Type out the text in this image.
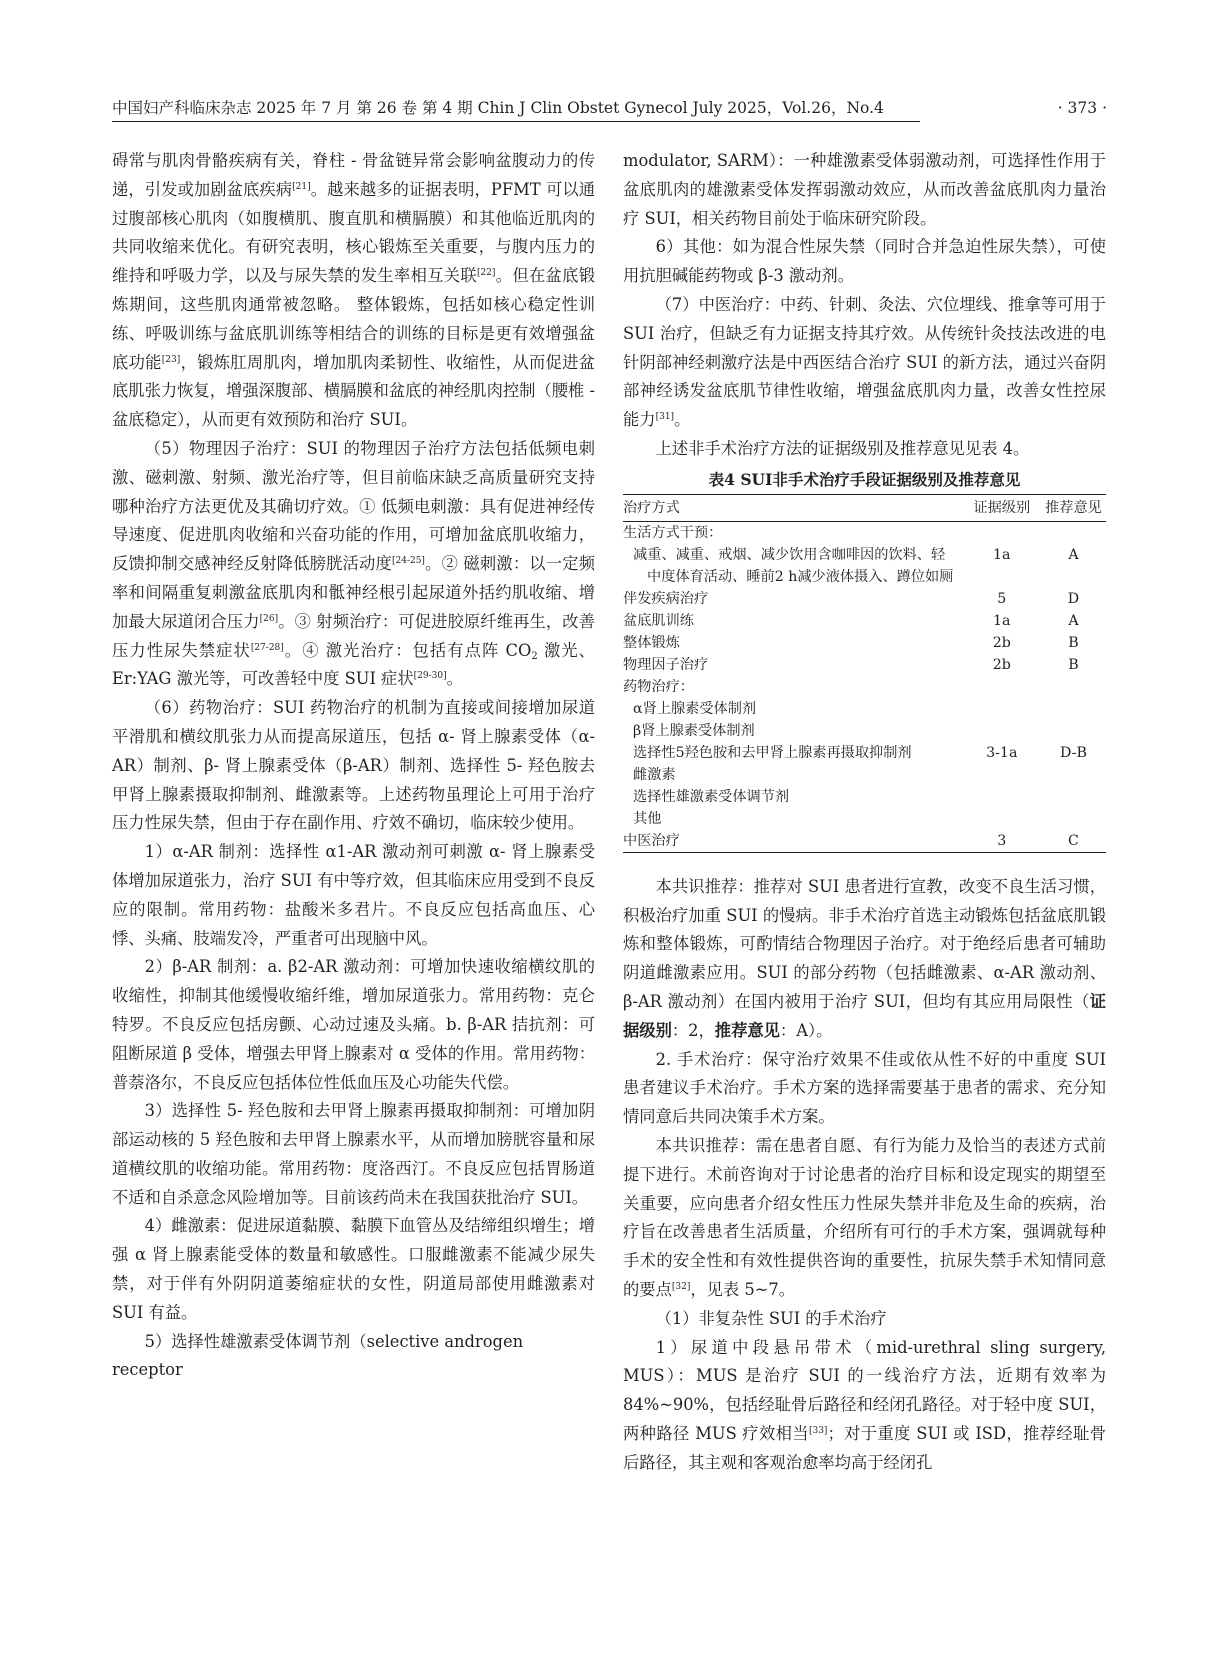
中国妇产科临床杂志 2025 年 7 月 第 26 卷 第 4 期 Chin J Clin Obstet Gynecol July 2025，Vol.26，No.4	· 373 ·

碍常与肌肉骨骼疾病有关，脊柱 - 骨盆链异常会影响盆腹动力的传递，引发或加剧盆底疾病[21]。越来越多的证据表明，PFMT 可以通过腹部核心肌肉（如腹横肌、腹直肌和横膈膜）和其他临近肌肉的共同收缩来优化。有研究表明，核心锻炼至关重要，与腹内压力的维持和呼吸力学，以及与尿失禁的发生率相互关联[22]。但在盆底锻炼期间，这些肌肉通常被忽略。 整体锻炼，包括如核心稳定性训练、呼吸训练与盆底肌训练等相结合的训练的目标是更有效增强盆底功能[23]，锻炼肛周肌肉，增加肌肉柔韧性、收缩性，从而促进盆底肌张力恢复，增强深腹部、横膈膜和盆底的神经肌肉控制（腰椎 - 盆底稳定），从而更有效预防和治疗 SUI。

（5）物理因子治疗：SUI 的物理因子治疗方法包括低频电刺激、磁刺激、射频、激光治疗等，但目前临床缺乏高质量研究支持哪种治疗方法更优及其确切疗效。① 低频电刺激：具有促进神经传导速度、促进肌肉收缩和兴奋功能的作用，可增加盆底肌收缩力，反馈抑制交感神经反射降低膀胱活动度[24-25]。② 磁刺激：以一定频率和间隔重复刺激盆底肌肉和骶神经根引起尿道外括约肌收缩、增加最大尿道闭合压力[26]。③ 射频治疗：可促进胶原纤维再生，改善压力性尿失禁症状[27-28]。④ 激光治疗：包括有点阵 $CO_2$ 激光、Er:YAG 激光等，可改善轻中度 SUI 症状[29-30]。

（6）药物治疗：SUI 药物治疗的机制为直接或间接增加尿道平滑肌和横纹肌张力从而提高尿道压，包括 α- 肾上腺素受体（α-AR）制剂、β- 肾上腺素受体（β-AR）制剂、选择性 5- 羟色胺去甲肾上腺素摄取抑制剂、雌激素等。上述药物虽理论上可用于治疗压力性尿失禁，但由于存在副作用、疗效不确切，临床较少使用。

1）α-AR 制剂：选择性 α1-AR 激动剂可刺激 α- 肾上腺素受体增加尿道张力，治疗 SUI 有中等疗效，但其临床应用受到不良反应的限制。常用药物：盐酸米多君片。不良反应包括高血压、心悸、头痛、肢端发冷，严重者可出现脑中风。

2）β-AR 制剂：a. β2-AR 激动剂：可增加快速收缩横纹肌的收缩性，抑制其他缓慢收缩纤维，增加尿道张力。常用药物：克仑特罗。不良反应包括房颤、心动过速及头痛。b. β-AR 拮抗剂：可阻断尿道 β 受体，增强去甲肾上腺素对 α 受体的作用。常用药物：普萘洛尔，不良反应包括体位性低血压及心功能失代偿。

3）选择性 5- 羟色胺和去甲肾上腺素再摄取抑制剂：可增加阴部运动核的 5 羟色胺和去甲肾上腺素水平，从而增加膀胱容量和尿道横纹肌的收缩功能。常用药物：度洛西汀。不良反应包括胃肠道不适和自杀意念风险增加等。目前该药尚未在我国获批治疗 SUI。

4）雌激素：促进尿道黏膜、黏膜下血管丛及结缔组织增生；增强 α 肾上腺素能受体的数量和敏感性。口服雌激素不能减少尿失禁，对于伴有外阴阴道萎缩症状的女性，阴道局部使用雌激素对 SUI 有益。

5）选择性雄激素受体调节剂（selective androgen receptor

modulator, SARM）：一种雄激素受体弱激动剂，可选择性作用于盆底肌肉的雄激素受体发挥弱激动效应，从而改善盆底肌肉力量治疗 SUI，相关药物目前处于临床研究阶段。

6）其他：如为混合性尿失禁（同时合并急迫性尿失禁），可使用抗胆碱能药物或 β-3 激动剂。

（7）中医治疗：中药、针刺、灸法、穴位埋线、推拿等可用于 SUI 治疗，但缺乏有力证据支持其疗效。从传统针灸技法改进的电针阴部神经刺激疗法是中西医结合治疗 SUI 的新方法，通过兴奋阴部神经诱发盆底肌节律性收缩，增强盆底肌肉力量，改善女性控尿能力[31]。

上述非手术治疗方法的证据级别及推荐意见见表 4。

表4 SUI非手术治疗手段证据级别及推荐意见
治疗方式	证据级别	推荐意见
生活方式干预：		
减重、减重、戒烟、减少饮用含咖啡因的饮料、轻	1a	A
中度体育活动、睡前2 h减少液体摄入、蹲位如厕		
伴发疾病治疗	5	D
盆底肌训练	1a	A
整体锻炼	2b	B
物理因子治疗	2b	B
药物治疗：		
α肾上腺素受体制剂		
β肾上腺素受体制剂		
选择性5羟色胺和去甲肾上腺素再摄取抑制剂	3-1a	D-B
雌激素		
选择性雄激素受体调节剂		
其他		
中医治疗	3	C

本共识推荐：推荐对 SUI 患者进行宣教，改变不良生活习惯，积极治疗加重 SUI 的慢病。非手术治疗首选主动锻炼包括盆底肌锻炼和整体锻炼，可酌情结合物理因子治疗。对于绝经后患者可辅助阴道雌激素应用。SUI 的部分药物（包括雌激素、α-AR 激动剂、β-AR 激动剂）在国内被用于治疗 SUI，但均有其应用局限性（证据级别：2，推荐意见：A）。

2. 手术治疗：保守治疗效果不佳或依从性不好的中重度 SUI 患者建议手术治疗。手术方案的选择需要基于患者的需求、充分知情同意后共同决策手术方案。

本共识推荐：需在患者自愿、有行为能力及恰当的表述方式前提下进行。术前咨询对于讨论患者的治疗目标和设定现实的期望至关重要，应向患者介绍女性压力性尿失禁并非危及生命的疾病，治疗旨在改善患者生活质量，介绍所有可行的手术方案，强调就每种手术的安全性和有效性提供咨询的重要性，抗尿失禁手术知情同意的要点[32]，见表 5~7。

（1）非复杂性 SUI 的手术治疗

1）尿道中段悬吊带术（mid-urethral sling surgery, MUS）：MUS 是治疗 SUI 的一线治疗方法，近期有效率为 84%~90%，包括经耻骨后路径和经闭孔路径。对于轻中度 SUI，两种路径 MUS 疗效相当[33]；对于重度 SUI 或 ISD，推荐经耻骨后路径，其主观和客观治愈率均高于经闭孔
